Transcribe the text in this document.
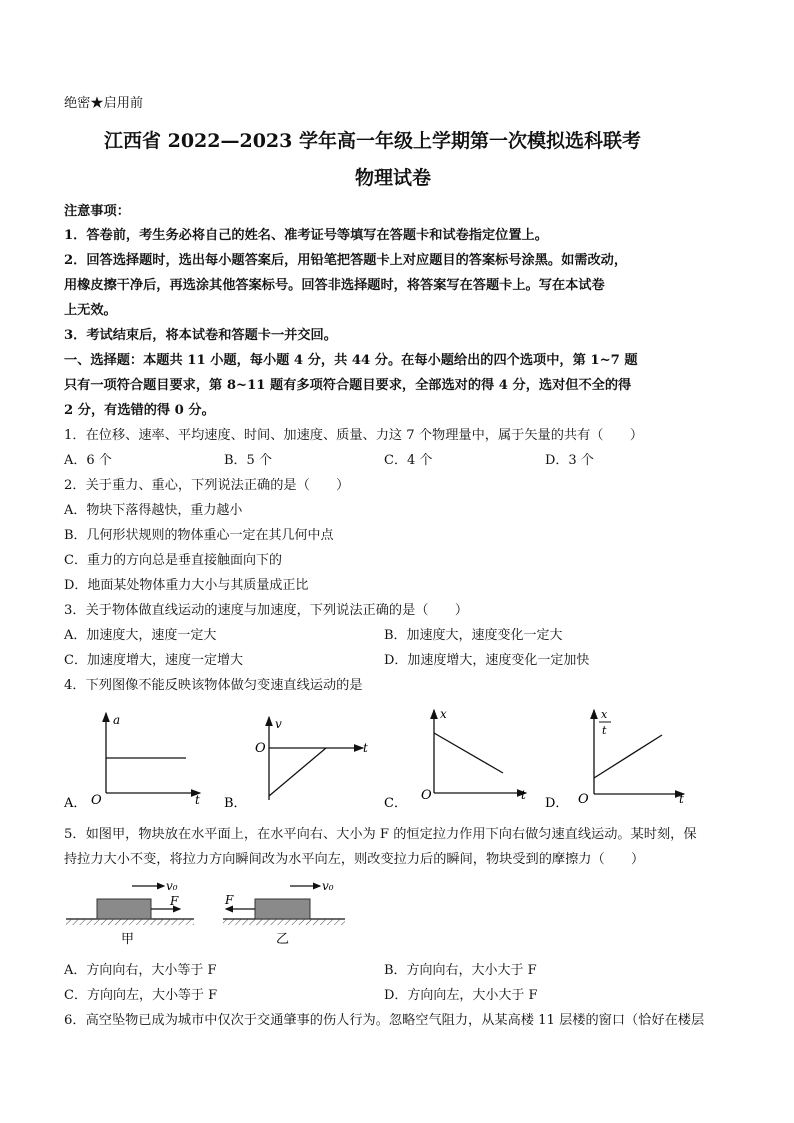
绝密★启用前
江西省 2022—2023 学年高一年级上学期第一次模拟选科联考
物理试卷
注意事项：
1．答卷前，考生务必将自己的姓名、准考证号等填写在答题卡和试卷指定位置上。
2．回答选择题时，选出每小题答案后，用铅笔把答题卡上对应题目的答案标号涂黑。如需改动，
用橡皮擦干净后，再选涂其他答案标号。回答非选择题时，将答案写在答题卡上。写在本试卷
上无效。
3．考试结束后，将本试卷和答题卡一并交回。
一、选择题：本题共 11 小题，每小题 4 分，共 44 分。在每小题给出的四个选项中，第 1~7 题
只有一项符合题目要求，第 8~11 题有多项符合题目要求，全部选对的得 4 分，选对但不全的得
2 分，有选错的得 0 分。
1．在位移、速率、平均速度、时间、加速度、质量、力这 7 个物理量中，属于矢量的共有（　　）
A．6 个	B．5 个	C．4 个	D．3 个
2．关于重力、重心，下列说法正确的是（　　）
A．物块下落得越快，重力越小
B．几何形状规则的物体重心一定在其几何中点
C．重力的方向总是垂直接触面向下的
D．地面某处物体重力大小与其质量成正比
3．关于物体做直线运动的速度与加速度，下列说法正确的是（　　）
A．加速度大，速度一定大	B．加速度大，速度变化一定大
C．加速度增大，速度一定增大	D．加速度增大，速度变化一定加快
4．下列图像不能反映该物体做匀变速直线运动的是
A．
a
O	t B．
v
O	t
C．
x
O	t
D．
x
t
O	t
5．如图甲，物块放在水平面上，在水平向右、大小为 F 的恒定拉力作用下向右做匀速直线运动。某时刻，保
持拉力大小不变，将拉力方向瞬间改为水平向左，则改变拉力后的瞬间，物块受到的摩擦力（　　）
v₀
F
甲
v₀
F
乙
A．方向向右，大小等于 F	B．方向向右，大小大于 F
C．方向向左，大小等于 F	D．方向向左，大小大于 F
6．高空坠物已成为城市中仅次于交通肇事的伤人行为。忽略空气阻力，从某高楼 11 层楼的窗口（恰好在楼层
